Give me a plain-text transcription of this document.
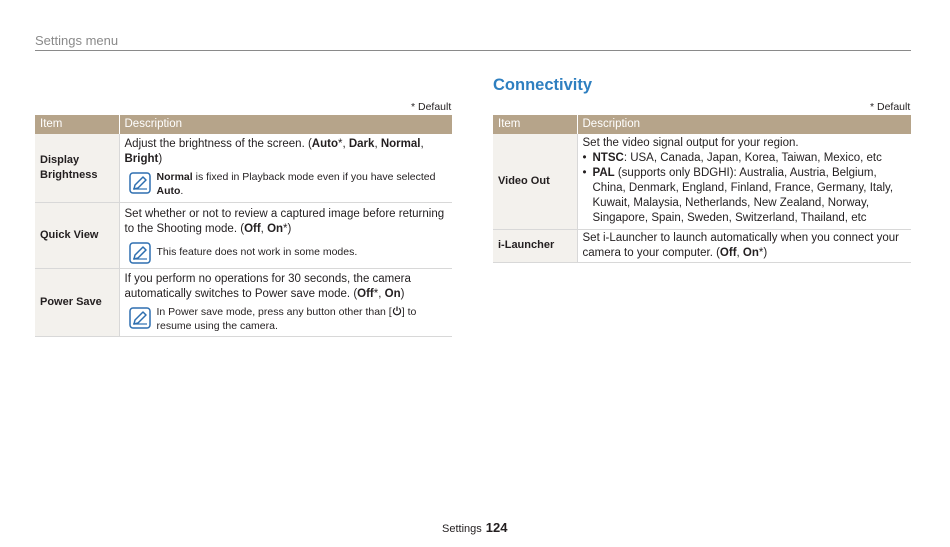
Settings menu
* Default
Item	Description
Display Brightness	Adjust the brightness of the screen. (Auto*, Dark, Normal, Bright)
Normal is fixed in Playback mode even if you have selected Auto.

Quick View	Set whether or not to review a captured image before returning to the Shooting mode. (Off, On*)
This feature does not work in some modes.

Power Save	If you perform no operations for 30 seconds, the camera automatically switches to Power save mode. (Off*, On)
In Power save mode, press any button other than [ ] to resume using the camera.
Connectivity
* Default
Item	Description
Video Out	Set the video signal output for your region.
• NTSC: USA, Canada, Japan, Korea, Taiwan, Mexico, etc
• PAL (supports only BDGHI): Australia, Austria, Belgium, China, Denmark, England, Finland, France, Germany, Italy, Kuwait, Malaysia, Netherlands, New Zealand, Norway, Singapore, Spain, Sweden, Switzerland, Thailand, etc

i-Launcher	Set i-Launcher to launch automatically when you connect your camera to your computer. (Off, On*)
Settings 124
